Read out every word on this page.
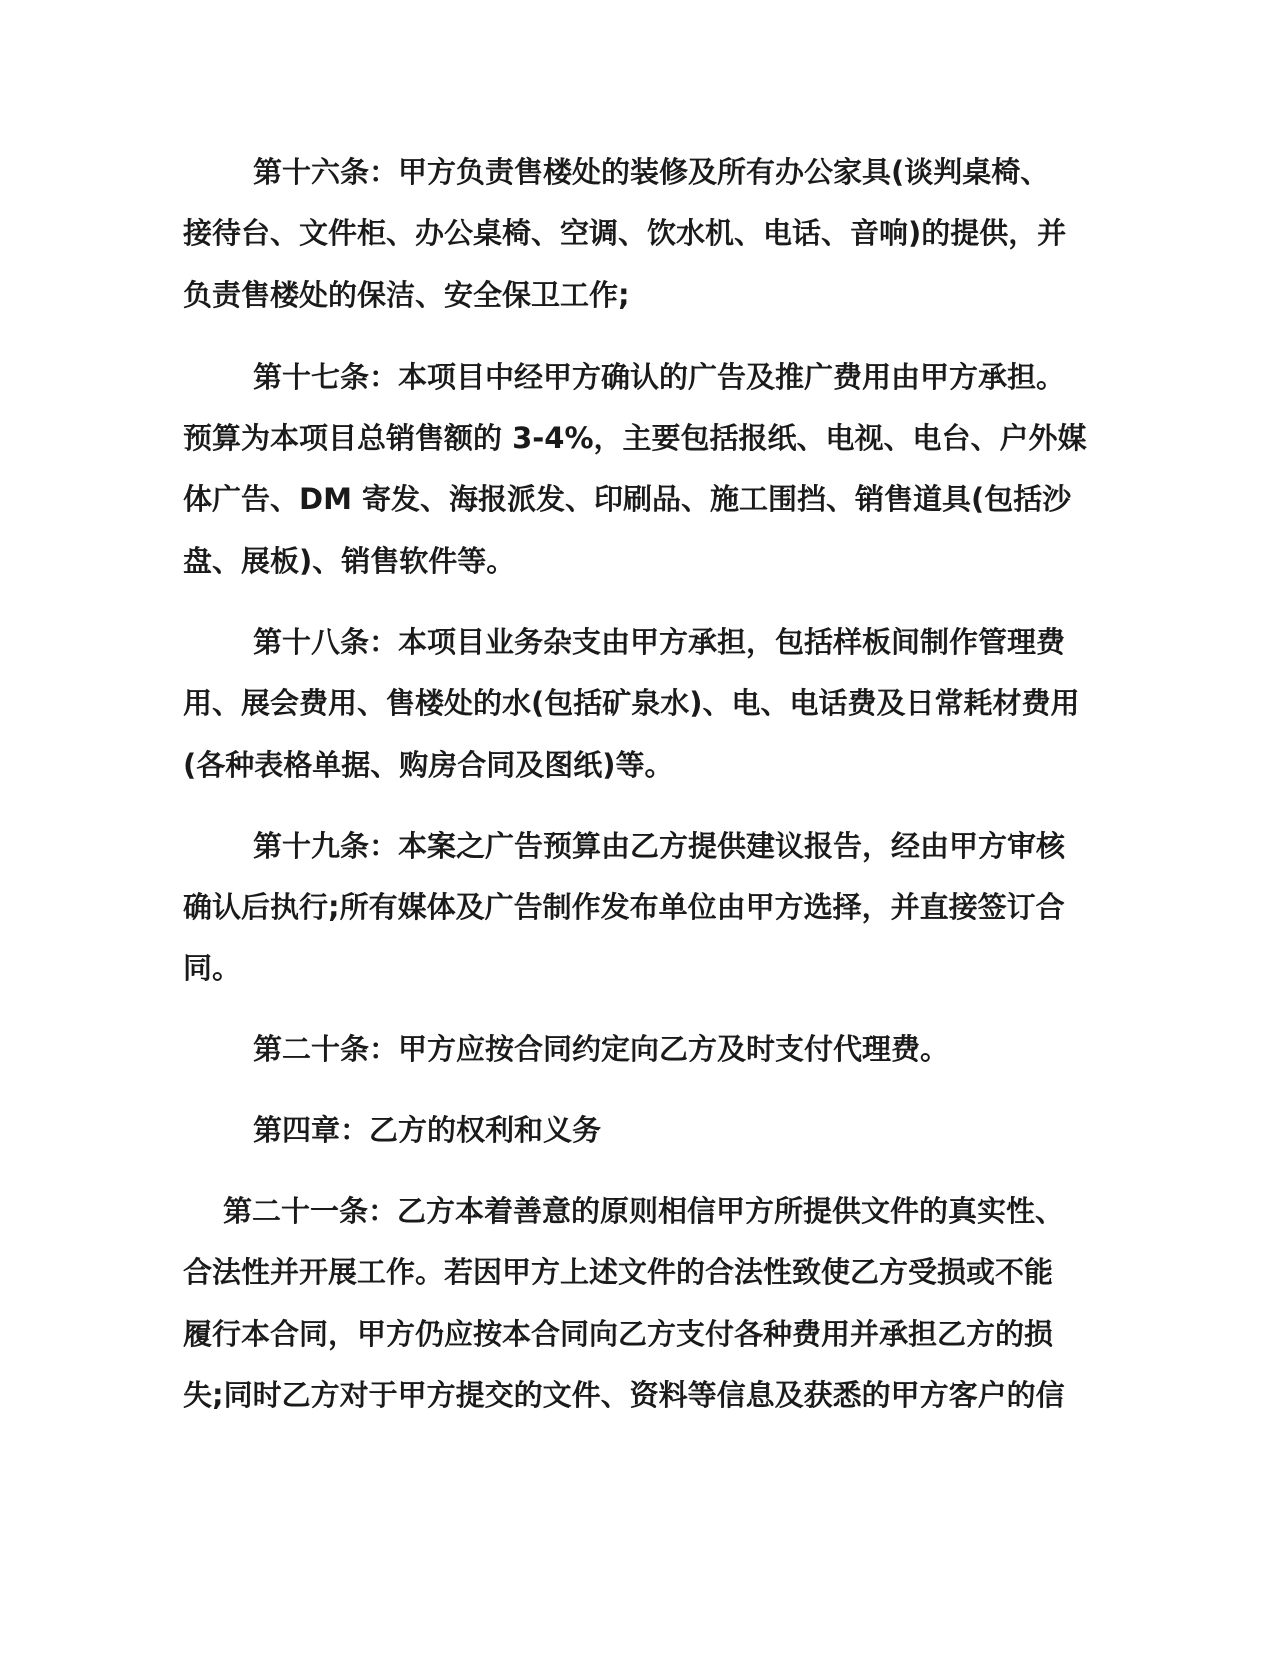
第十六条：甲方负责售楼处的装修及所有办公家具(谈判桌椅、
接待台、文件柜、办公桌椅、空调、饮水机、电话、音响)的提供，并
负责售楼处的保洁、安全保卫工作;
第十七条：本项目中经甲方确认的广告及推广费用由甲方承担。
预算为本项目总销售额的 3-4%，主要包括报纸、电视、电台、户外媒
体广告、DM 寄发、海报派发、印刷品、施工围挡、销售道具(包括沙
盘、展板)、销售软件等。
第十八条：本项目业务杂支由甲方承担，包括样板间制作管理费
用、展会费用、售楼处的水(包括矿泉水)、电、电话费及日常耗材费用
(各种表格单据、购房合同及图纸)等。
第十九条：本案之广告预算由乙方提供建议报告，经由甲方审核
确认后执行;所有媒体及广告制作发布单位由甲方选择，并直接签订合
同。
第二十条：甲方应按合同约定向乙方及时支付代理费。
第四章：乙方的权利和义务
第二十一条：乙方本着善意的原则相信甲方所提供文件的真实性、
合法性并开展工作。若因甲方上述文件的合法性致使乙方受损或不能
履行本合同，甲方仍应按本合同向乙方支付各种费用并承担乙方的损
失;同时乙方对于甲方提交的文件、资料等信息及获悉的甲方客户的信
